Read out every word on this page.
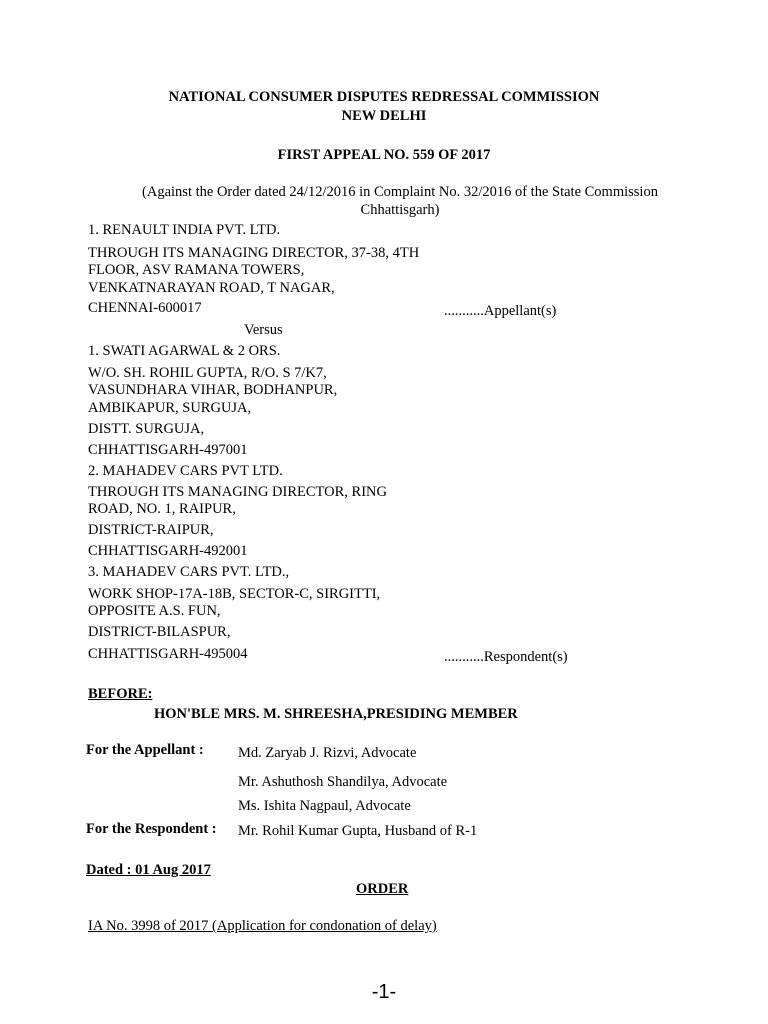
NATIONAL CONSUMER DISPUTES REDRESSAL COMMISSION
NEW DELHI
FIRST APPEAL NO. 559 OF 2017
(Against the Order dated 24/12/2016 in Complaint No. 32/2016 of the State Commission
Chhattisgarh)
1. RENAULT INDIA PVT. LTD.
THROUGH ITS MANAGING DIRECTOR, 37-38, 4TH
FLOOR, ASV RAMANA TOWERS,
VENKATNARAYAN ROAD, T NAGAR,
CHENNAI-600017	...........Appellant(s)
Versus
1. SWATI AGARWAL & 2 ORS.
W/O. SH. ROHIL GUPTA, R/O. S 7/K7,
VASUNDHARA VIHAR, BODHANPUR,
AMBIKAPUR, SURGUJA,
DISTT. SURGUJA,
CHHATTISGARH-497001
2. MAHADEV CARS PVT LTD.
THROUGH ITS MANAGING DIRECTOR, RING
ROAD, NO. 1, RAIPUR,
DISTRICT-RAIPUR,
CHHATTISGARH-492001
3. MAHADEV CARS PVT. LTD.,
WORK SHOP-17A-18B, SECTOR-C, SIRGITTI,
OPPOSITE A.S. FUN,
DISTRICT-BILASPUR,
CHHATTISGARH-495004	...........Respondent(s)
BEFORE:
HON'BLE MRS. M. SHREESHA,PRESIDING MEMBER
For the Appellant : Md. Zaryab J. Rizvi, Advocate
Mr. Ashuthosh Shandilya, Advocate
Ms. Ishita Nagpaul, Advocate
For the Respondent : Mr. Rohil Kumar Gupta, Husband of R-1
Dated : 01 Aug 2017
ORDER
IA No. 3998 of 2017 (Application for condonation of delay)
-1-
